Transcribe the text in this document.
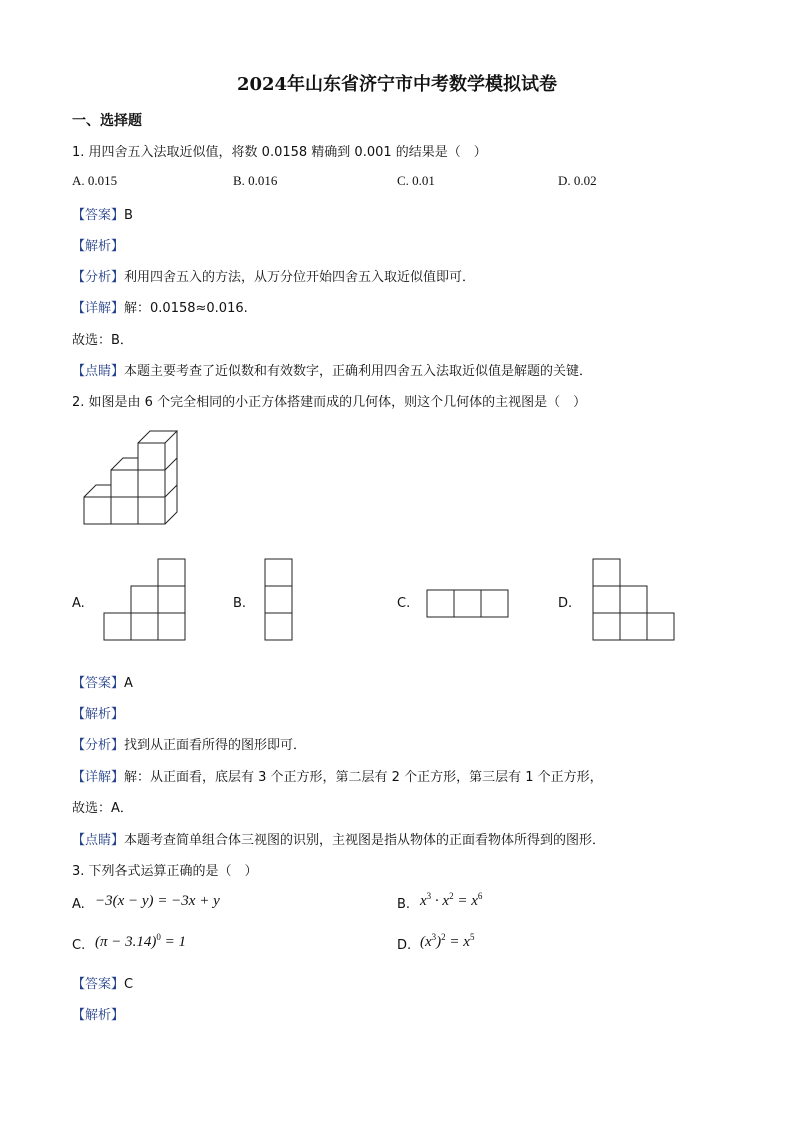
2024年山东省济宁市中考数学模拟试卷
一、选择题
1. 用四舍五入法取近似值，将数 0.0158 精确到 0.001 的结果是（　）
A. 0.015	B. 0.016	C. 0.01	D. 0.02
【答案】B
【解析】
【分析】利用四舍五入的方法，从万分位开始四舍五入取近似值即可．
【详解】解：0.0158≈0.016.
故选：B．
【点睛】本题主要考查了近似数和有效数字，正确利用四舍五入法取近似值是解题的关键．
2. 如图是由 6 个完全相同的小正方体搭建而成的几何体，则这个几何体的主视图是（　）
A.	B.	C.	D.
【答案】A
【解析】
【分析】找到从正面看所得的图形即可．
【详解】解：从正面看，底层有 3 个正方形，第二层有 2 个正方形，第三层有 1 个正方形，
故选：A．
【点睛】本题考查简单组合体三视图的识别，主视图是指从物体的正面看物体所得到的图形．
3. 下列各式运算正确的是（　）
A. −3(x − y) = −3x + y	B. $x^3 \cdot x^2 = x^6$
C. $(\pi - 3.14)^0 = 1$	D. $(x^3)^2 = x^5$
【答案】C
【解析】
